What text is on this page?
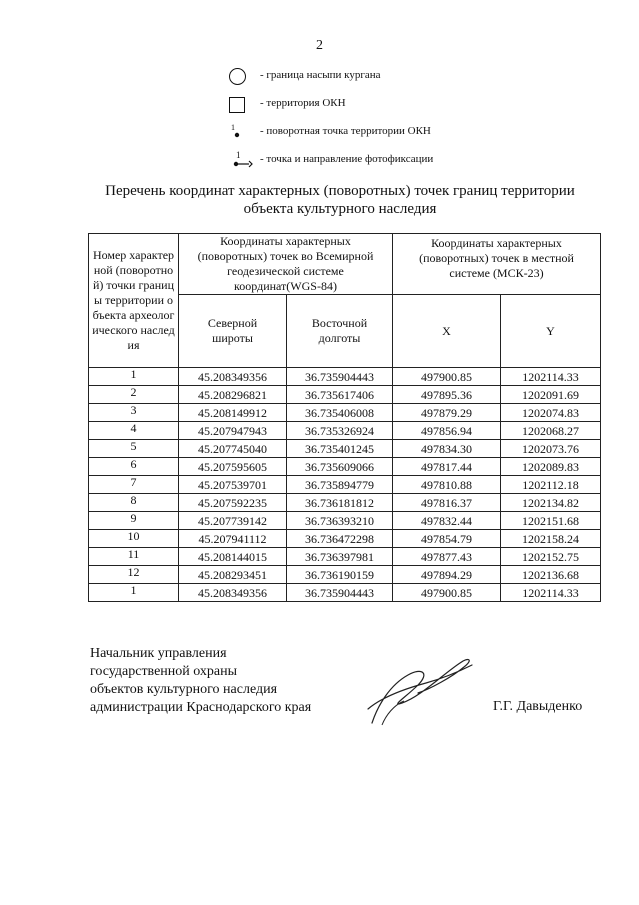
2
- граница насыпи кургана
- территория ОКН
1 - поворотная точка территории ОКН
1 - точка и направление фотофиксации
Перечень координат характерных (поворотных) точек границ территории
объекта культурного наследия
Номер характерной (поворотной) точки границы территории объекта археологического наследия	Координаты характерных (поворотных) точек во Всемирной геодезической системе координат(WGS-84)		Координаты характерных (поворотных) точек в местной системе (МСК-23)	

	Северной широты	Восточной долготы	X	Y
1	45.208349356	36.735904443	497900.85	1202114.33
2	45.208296821	36.735617406	497895.36	1202091.69
3	45.208149912	36.735406008	497879.29	1202074.83
4	45.207947943	36.735326924	497856.94	1202068.27
5	45.207745040	36.735401245	497834.30	1202073.76
6	45.207595605	36.735609066	497817.44	1202089.83
7	45.207539701	36.735894779	497810.88	1202112.18
8	45.207592235	36.736181812	497816.37	1202134.82
9	45.207739142	36.736393210	497832.44	1202151.68
10	45.207941112	36.736472298	497854.79	1202158.24
11	45.208144015	36.736397981	497877.43	1202152.75
12	45.208293451	36.736190159	497894.29	1202136.68
1	45.208349356	36.735904443	497900.85	1202114.33
Начальник управления
государственной охраны
объектов культурного наследия
администрации Краснодарского края	Г.Г. Давыденко
